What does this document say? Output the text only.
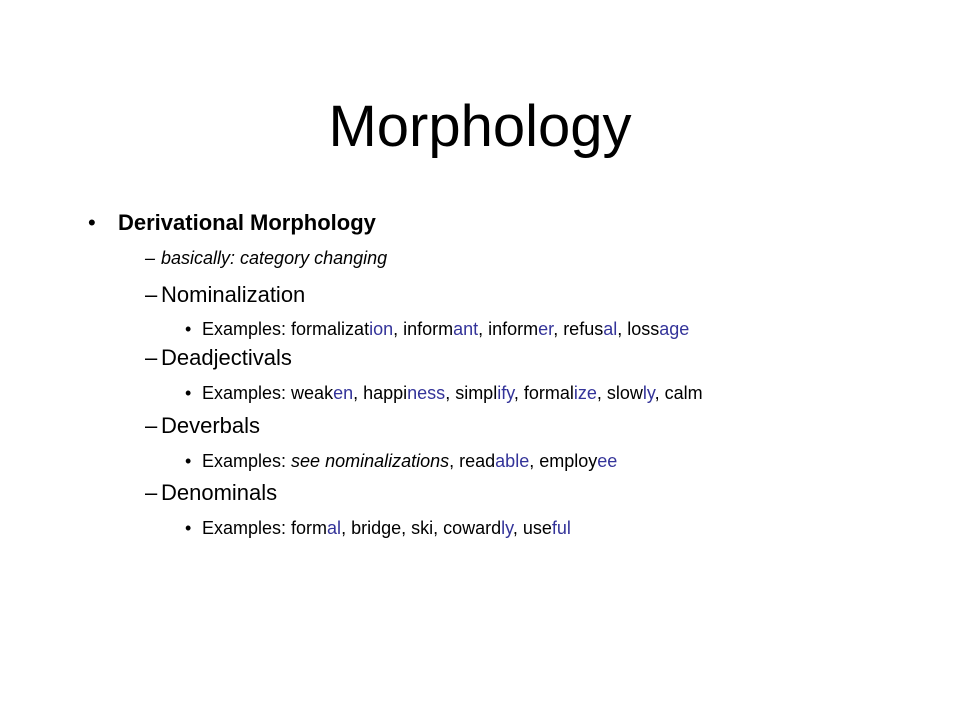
Morphology
• Derivational Morphology
– basically: category changing
– Nominalization
• Examples: formalization, informant, informer, refusal, lossage
– Deadjectivals
• Examples: weaken, happiness, simplify, formalize, slowly, calm
– Deverbals
• Examples: see nominalizations, readable, employee
– Denominals
• Examples: formal, bridge, ski, cowardly, useful
